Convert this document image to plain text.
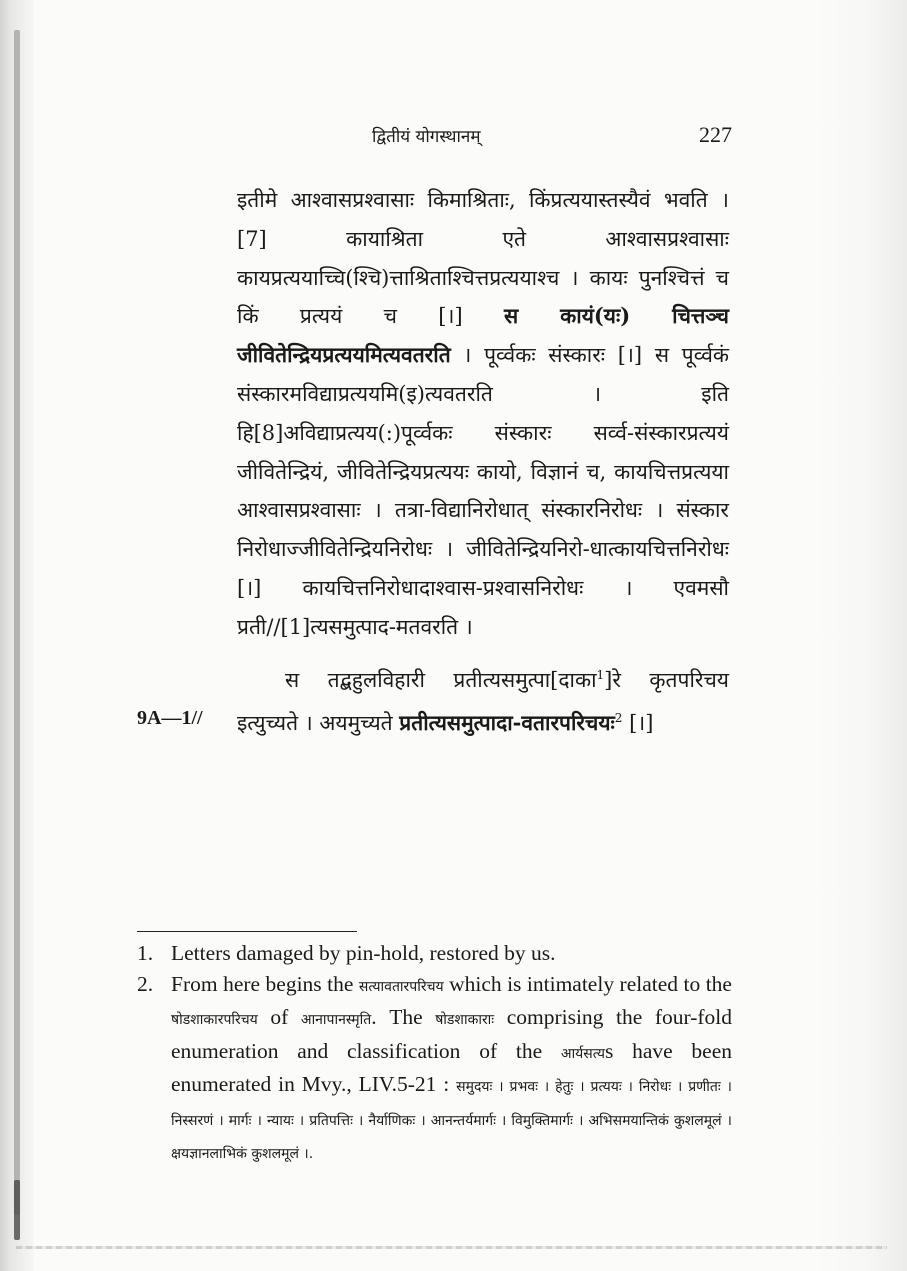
द्वितीयं योगस्थानम्	227

इतीमे आश्वासप्रश्वासाः किमाश्रिताः, किंप्रत्ययास्तस्यैवं भवति । [7] कायाश्रिता एते आश्वासप्रश्वासाः कायप्रत्ययाच्चि(श्चि)त्ताश्रिताश्चित्तप्रत्ययाश्च । कायः पुनश्चित्तं च किं प्रत्ययं च [।] स कायं(यः) चित्तञ्च जीवितेन्द्रियप्रत्ययमित्यवतरति । पूर्व्वकः संस्कारः [।] स पूर्व्वकं संस्कारमविद्याप्रत्ययमि(इ)त्यवतरति । इति हि[8]अविद्याप्रत्यय(:)पूर्व्वकः संस्कारः सर्व्व-संस्कारप्रत्ययं जीवितेन्द्रियं, जीवितेन्द्रियप्रत्ययः कायो, विज्ञानं च, कायचित्तप्रत्यया आश्वासप्रश्वासाः । तत्रा-विद्यानिरोधात् संस्कारनिरोधः । संस्कार निरोधाज्जीवितेन्द्रियनिरोधः । जीवितेन्द्रियनिरो-धात्कायचित्तनिरोधः [।] कायचित्तनिरोधादाश्वास-प्रश्वासनिरोधः । एवमसौ प्रती//[1]त्यसमुत्पाद-मतवरति ।

स तद्बहुलविहारी प्रतीत्यसमुत्पा[दाका$^1$]रे कृतपरिचय इत्युच्यते । अयमुच्यते प्रतीत्यसमुत्पादा-वतारपरिचयः$^2$ [।]

9A—1//
1. Letters damaged by pin-hold, restored by us.
2. From here begins the सत्यावतारपरिचय which is intimately related to the षोडशाकारपरिचय of आनापानस्मृति. The षोडशाकाराः comprising the four-fold enumeration and classification of the आर्यसत्यs have been enumerated in Mvy., LIV.5-21 : समुदयः । प्रभवः । हेतुः । प्रत्ययः । निरोधः । प्रणीतः । निस्सरणं । मार्गः । न्यायः । प्रतिपत्तिः । नैर्याणिकः । आनन्तर्यमार्गः । विमुक्तिमार्गः । अभिसमयान्तिकं कुशलमूलं । क्षयज्ञानलाभिकं कुशलमूलं ।.
